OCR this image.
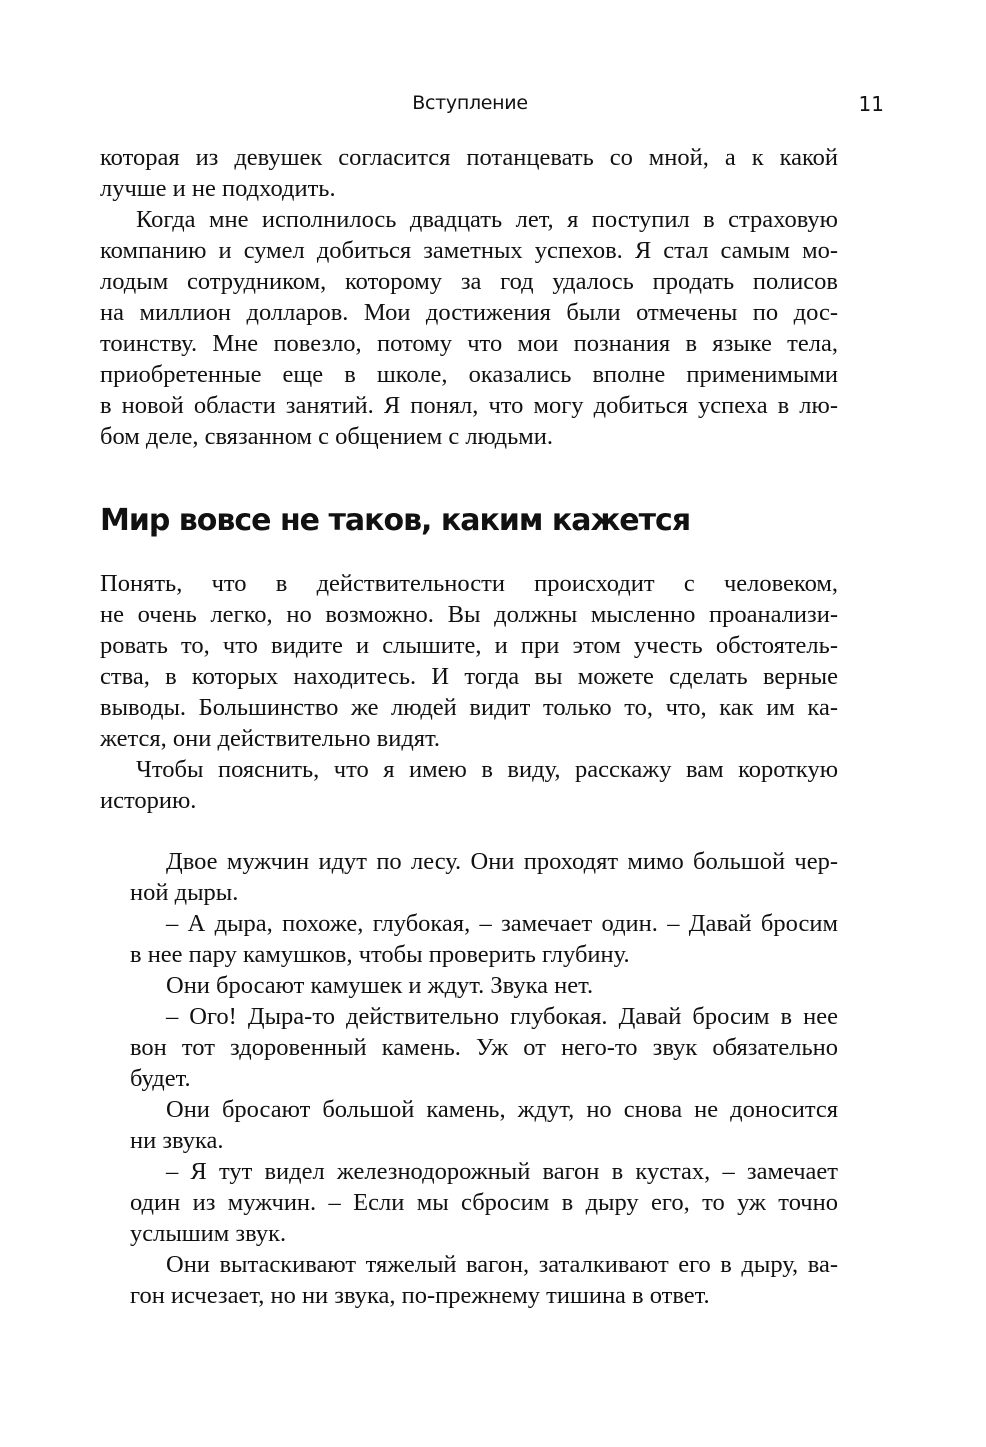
Вступление	11
которая из девушек согласится потанцевать со мной, а к какой
лучше и не подходить.
Когда мне исполнилось двадцать лет, я поступил в страховую
компанию и сумел добиться заметных успехов. Я стал самым мо-
лодым сотрудником, которому за год удалось продать полисов
на миллион долларов. Мои достижения были отмечены по дос-
тоинству. Мне повезло, потому что мои познания в языке тела,
приобретенные еще в школе, оказались вполне применимыми
в новой области занятий. Я понял, что могу добиться успеха в лю-
бом деле, связанном с общением с людьми.
Мир вовсе не таков, каким кажется
Понять, что в действительности происходит с человеком,
не очень легко, но возможно. Вы должны мысленно проанализи-
ровать то, что видите и слышите, и при этом учесть обстоятель-
ства, в которых находитесь. И тогда вы можете сделать верные
выводы. Большинство же людей видит только то, что, как им ка-
жется, они действительно видят.
Чтобы пояснить, что я имею в виду, расскажу вам короткую
историю.
Двое мужчин идут по лесу. Они проходят мимо большой чер-
ной дыры.
– А дыра, похоже, глубокая, – замечает один. – Давай бросим
в нее пару камушков, чтобы проверить глубину.
Они бросают камушек и ждут. Звука нет.
– Ого! Дыра-то действительно глубокая. Давай бросим в нее
вон тот здоровенный камень. Уж от него-то звук обязательно
будет.
Они бросают большой камень, ждут, но снова не доносится
ни звука.
– Я тут видел железнодорожный вагон в кустах, – замечает
один из мужчин. – Если мы сбросим в дыру его, то уж точно
услышим звук.
Они вытаскивают тяжелый вагон, заталкивают его в дыру, ва-
гон исчезает, но ни звука, по-прежнему тишина в ответ.
